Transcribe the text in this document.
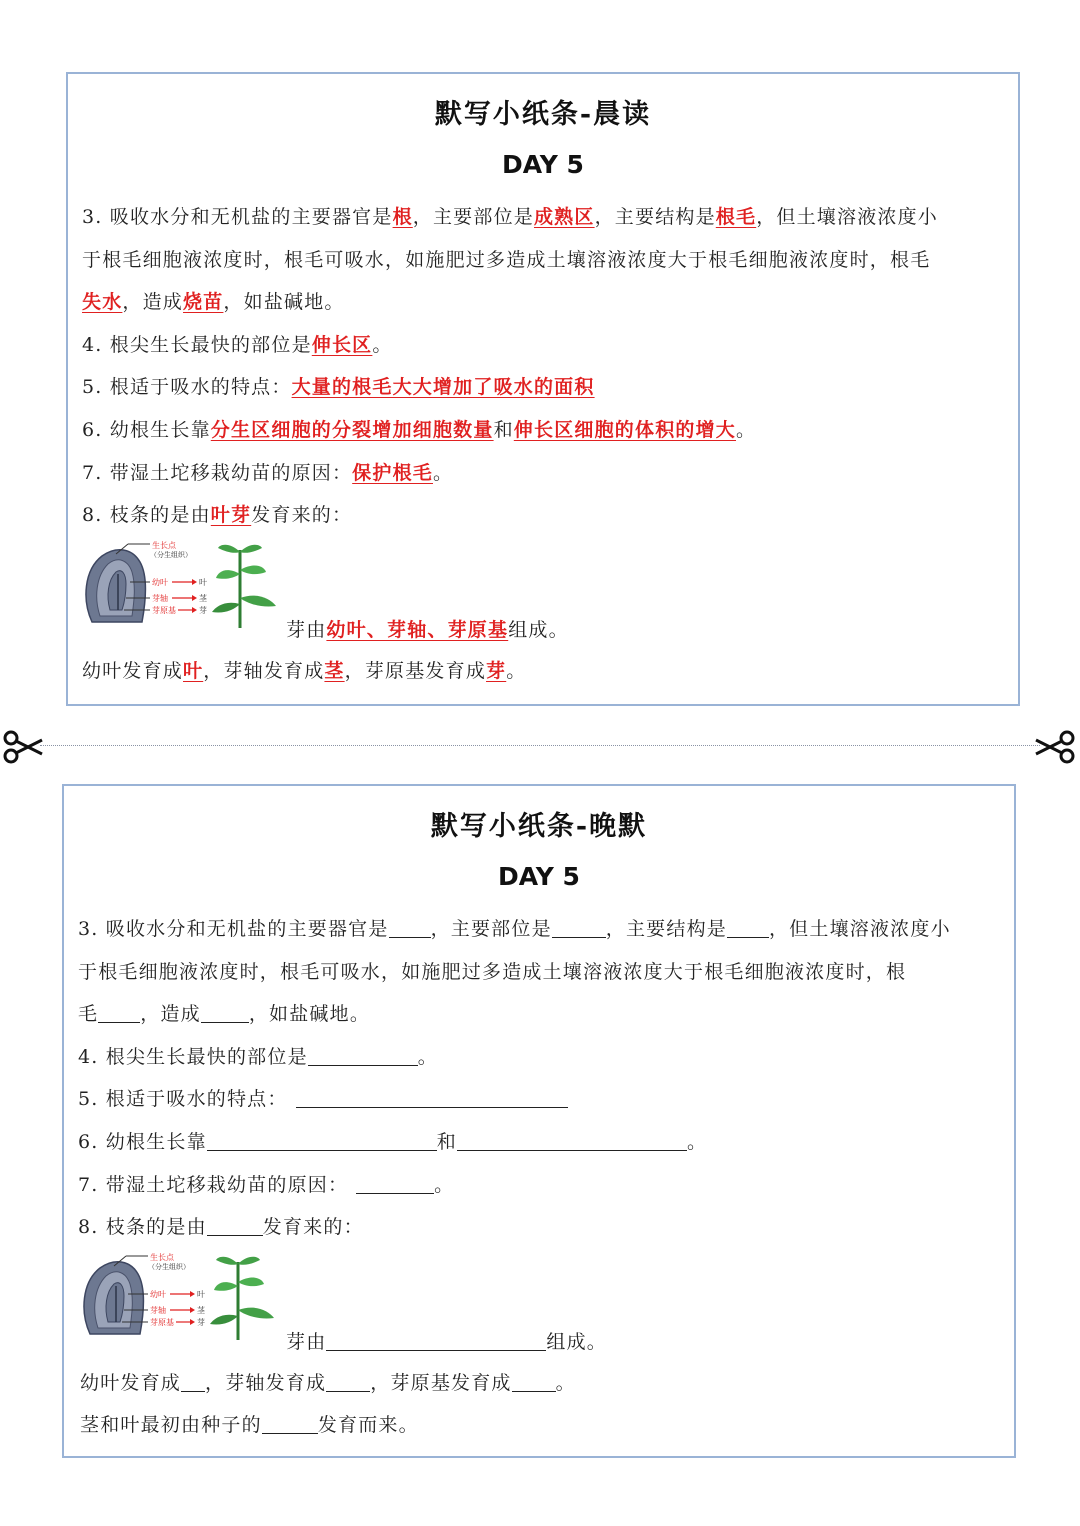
默写小纸条-晨读
DAY 5
3. 吸收水分和无机盐的主要器官是根，主要部位是成熟区，主要结构是根毛，但土壤溶液浓度小
于根毛细胞液浓度时，根毛可吸水，如施肥过多造成土壤溶液浓度大于根毛细胞液浓度时，根毛
失水，造成烧苗，如盐碱地。
4. 根尖生长最快的部位是伸长区。
5. 根适于吸水的特点：大量的根毛大大增加了吸水的面积
6. 幼根生长靠分生区细胞的分裂增加细胞数量和伸长区细胞的体积的增大。
7. 带湿土坨移栽幼苗的原因：保护根毛。
8. 枝条的是由叶芽发育来的：
生长点
（分生组织）
幼叶	叶
芽轴	茎
芽原基	芽
芽由幼叶、芽轴、芽原基组成。
幼叶发育成叶，芽轴发育成茎，芽原基发育成芽。
默写小纸条-晚默
DAY 5
3. 吸收水分和无机盐的主要器官是 ，主要部位是	，主要结构是 ，但土壤溶液浓度小
于根毛细胞液浓度时，根毛可吸水，如施肥过多造成土壤溶液浓度大于根毛细胞液浓度时，根
毛 ，造成	，如盐碱地。
4. 根尖生长最快的部位是	。
5. 根适于吸水的特点：
6. 幼根生长靠	和	。
7. 带湿土坨移栽幼苗的原因：	。
8. 枝条的是由	发育来的：
生长点
（分生组织）
幼叶	叶
芽轴	茎
芽原基	芽
芽由	组成。
幼叶发育成 ，芽轴发育成 ，芽原基发育成 。
茎和叶最初由种子的	发育而来。
